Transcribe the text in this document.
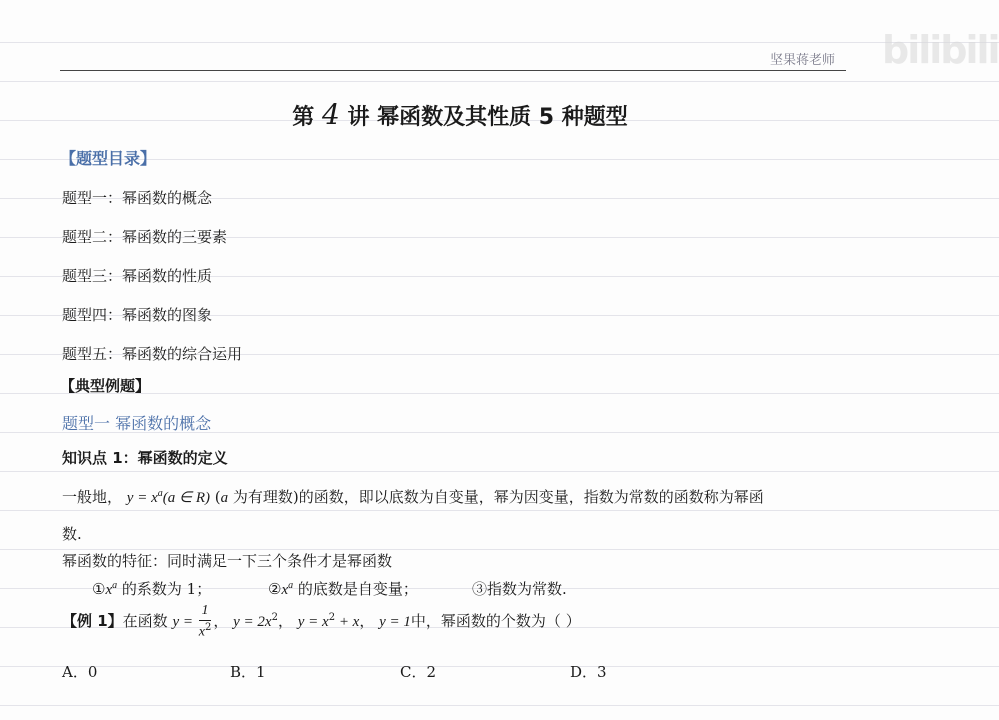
bilibili
坚果蒋老师
第 4 讲 幂函数及其性质 5 种题型
【题型目录】
题型一：幂函数的概念
题型二：幂函数的三要素
题型三：幂函数的性质
题型四：幂函数的图象
题型五：幂函数的综合运用
【典型例题】
题型一 幂函数的概念
知识点 1：幂函数的定义
一般地， $y = x^a(a$ ∈ R) (a 为有理数)的函数，即以底数为自变量，幂为因变量，指数为常数的函数称为幂函
数.
幂函数的特征：同时满足一下三个条件才是幂函数
$①x^a$ 的系数为 1；	$②x^a$ 的底数是自变量；	③指数为常数.
【例 1】在函数 $y = \frac{1}{x^2}$ ， $y = 2x^2$， $y = x^2 + x$， y = 1中，幂函数的个数为（ ）
A．0	B．1	C．2	D．3
